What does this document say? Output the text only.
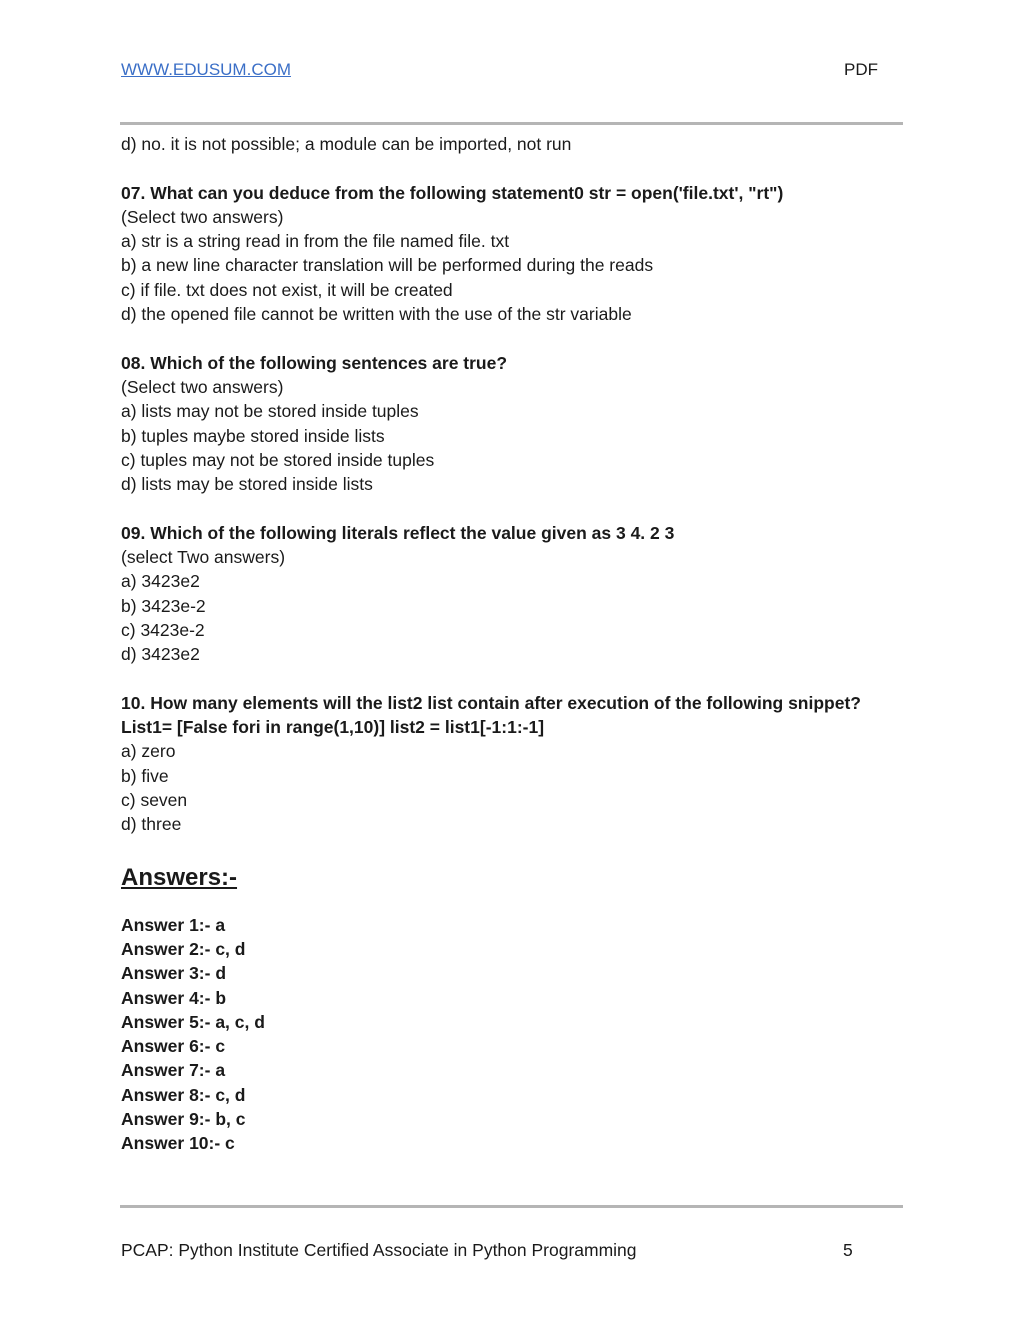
WWW.EDUSUM.COM	PDF
d) no. it is not possible; a module can be imported, not run
07. What can you deduce from the following statement0 str = open('file.txt', "rt")
(Select two answers)
a) str is a string read in from the file named file. txt
b) a new line character translation will be performed during the reads
c) if file. txt does not exist, it will be created
d) the opened file cannot be written with the use of the str variable
08. Which of the following sentences are true?
(Select two answers)
a) lists may not be stored inside tuples
b) tuples maybe stored inside lists
c) tuples may not be stored inside tuples
d) lists may be stored inside lists
09. Which of the following literals reflect the value given as 3 4. 2 3
(select Two answers)
a) 3423e2
b) 3423e-2
c) 3423e-2
d) 3423e2
10. How many elements will the list2 list contain after execution of the following snippet?
List1= [False fori in range(1,10)] list2 = list1[-1:1:-1]
a) zero
b) five
c) seven
d) three
Answers:-
Answer 1:- a
Answer 2:- c, d
Answer 3:- d
Answer 4:- b
Answer 5:- a, c, d
Answer 6:- c
Answer 7:- a
Answer 8:- c, d
Answer 9:- b, c
Answer 10:- c
PCAP: Python Institute Certified Associate in Python Programming	5
